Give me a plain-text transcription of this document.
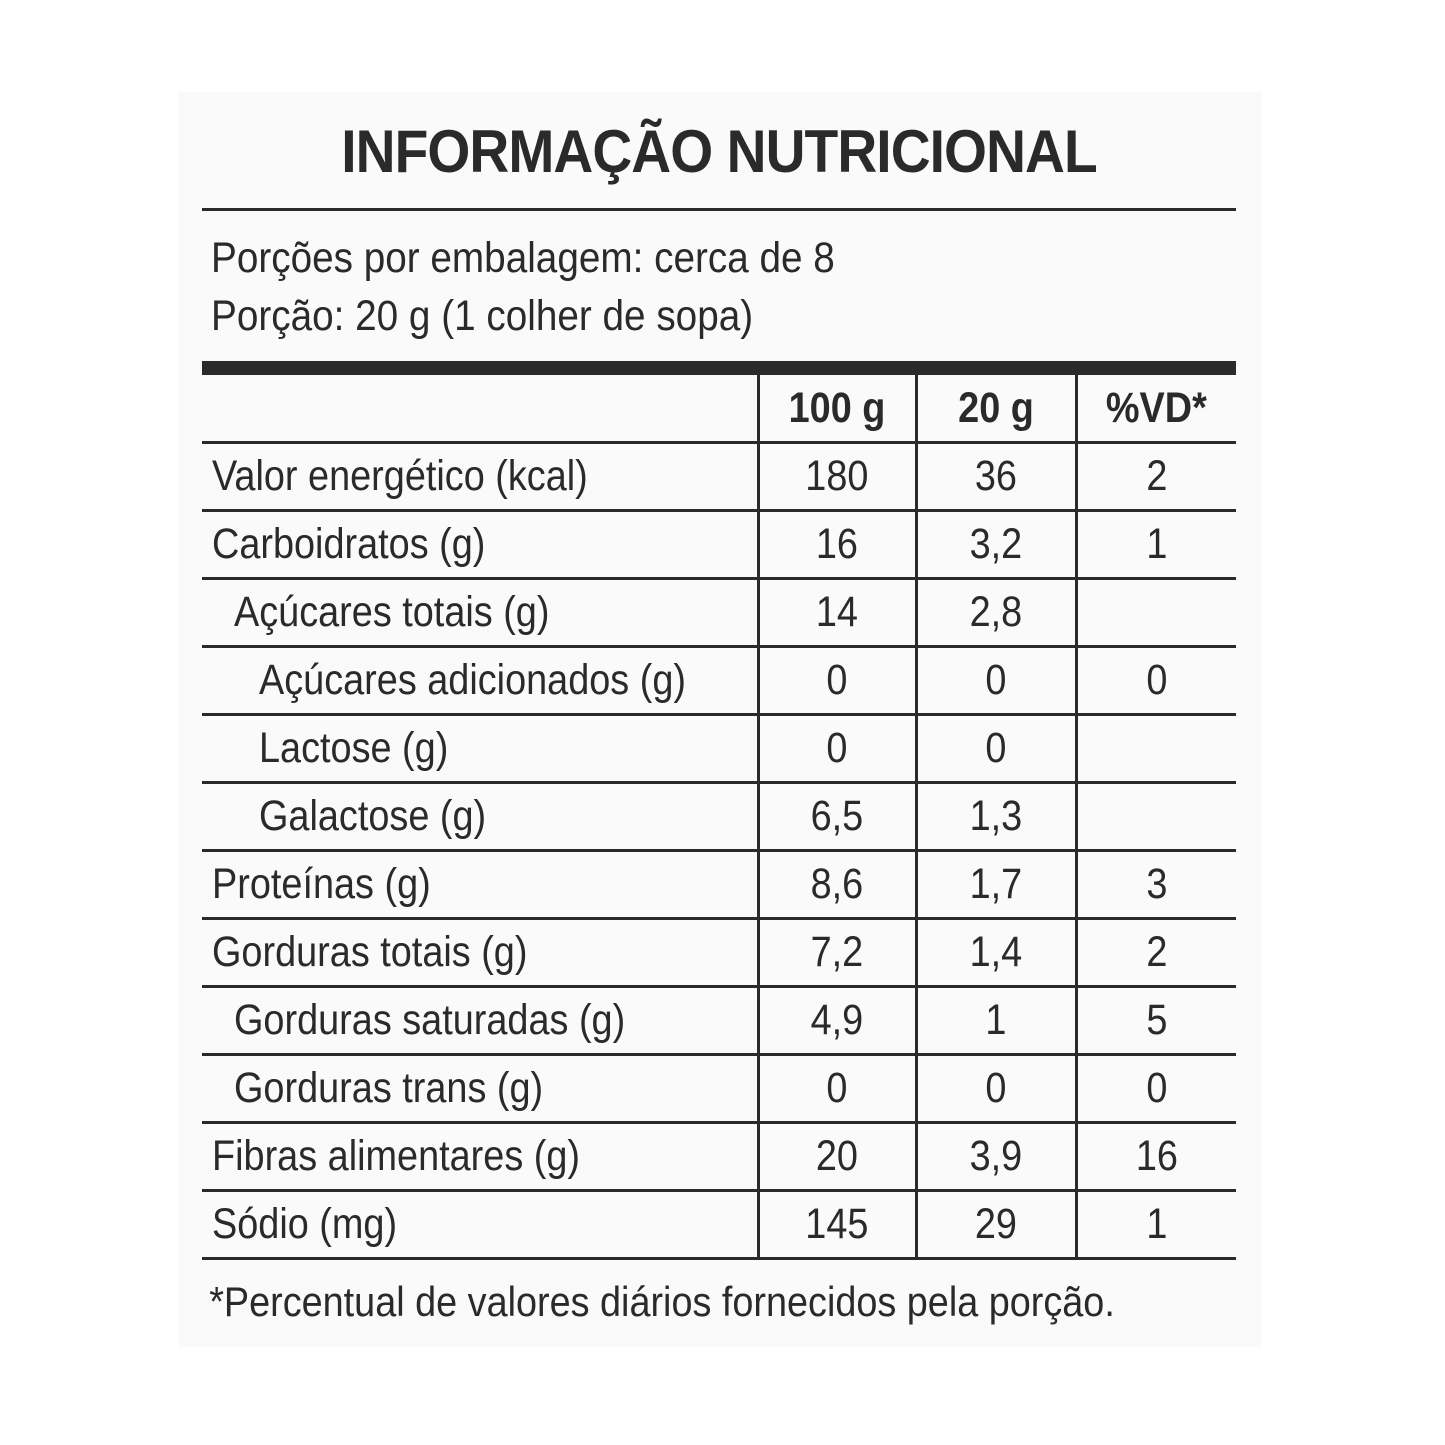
INFORMAÇÃO NUTRICIONAL
Porções por embalagem: cerca de 8
Porção: 20 g (1 colher de sopa)
	100 g	20 g	%VD*
Valor energético (kcal)	180	36	2
Carboidratos (g)	16	3,2	1
Açúcares totais (g)	14	2,8	
Açúcares adicionados (g)	0	0	0
Lactose (g)	0	0	
Galactose (g)	6,5	1,3	
Proteínas (g)	8,6	1,7	3
Gorduras totais (g)	7,2	1,4	2
Gorduras saturadas (g)	4,9	1	5
Gorduras trans (g)	0	0	0
Fibras alimentares (g)	20	3,9	16
Sódio (mg)	145	29	1
*Percentual de valores diários fornecidos pela porção.
